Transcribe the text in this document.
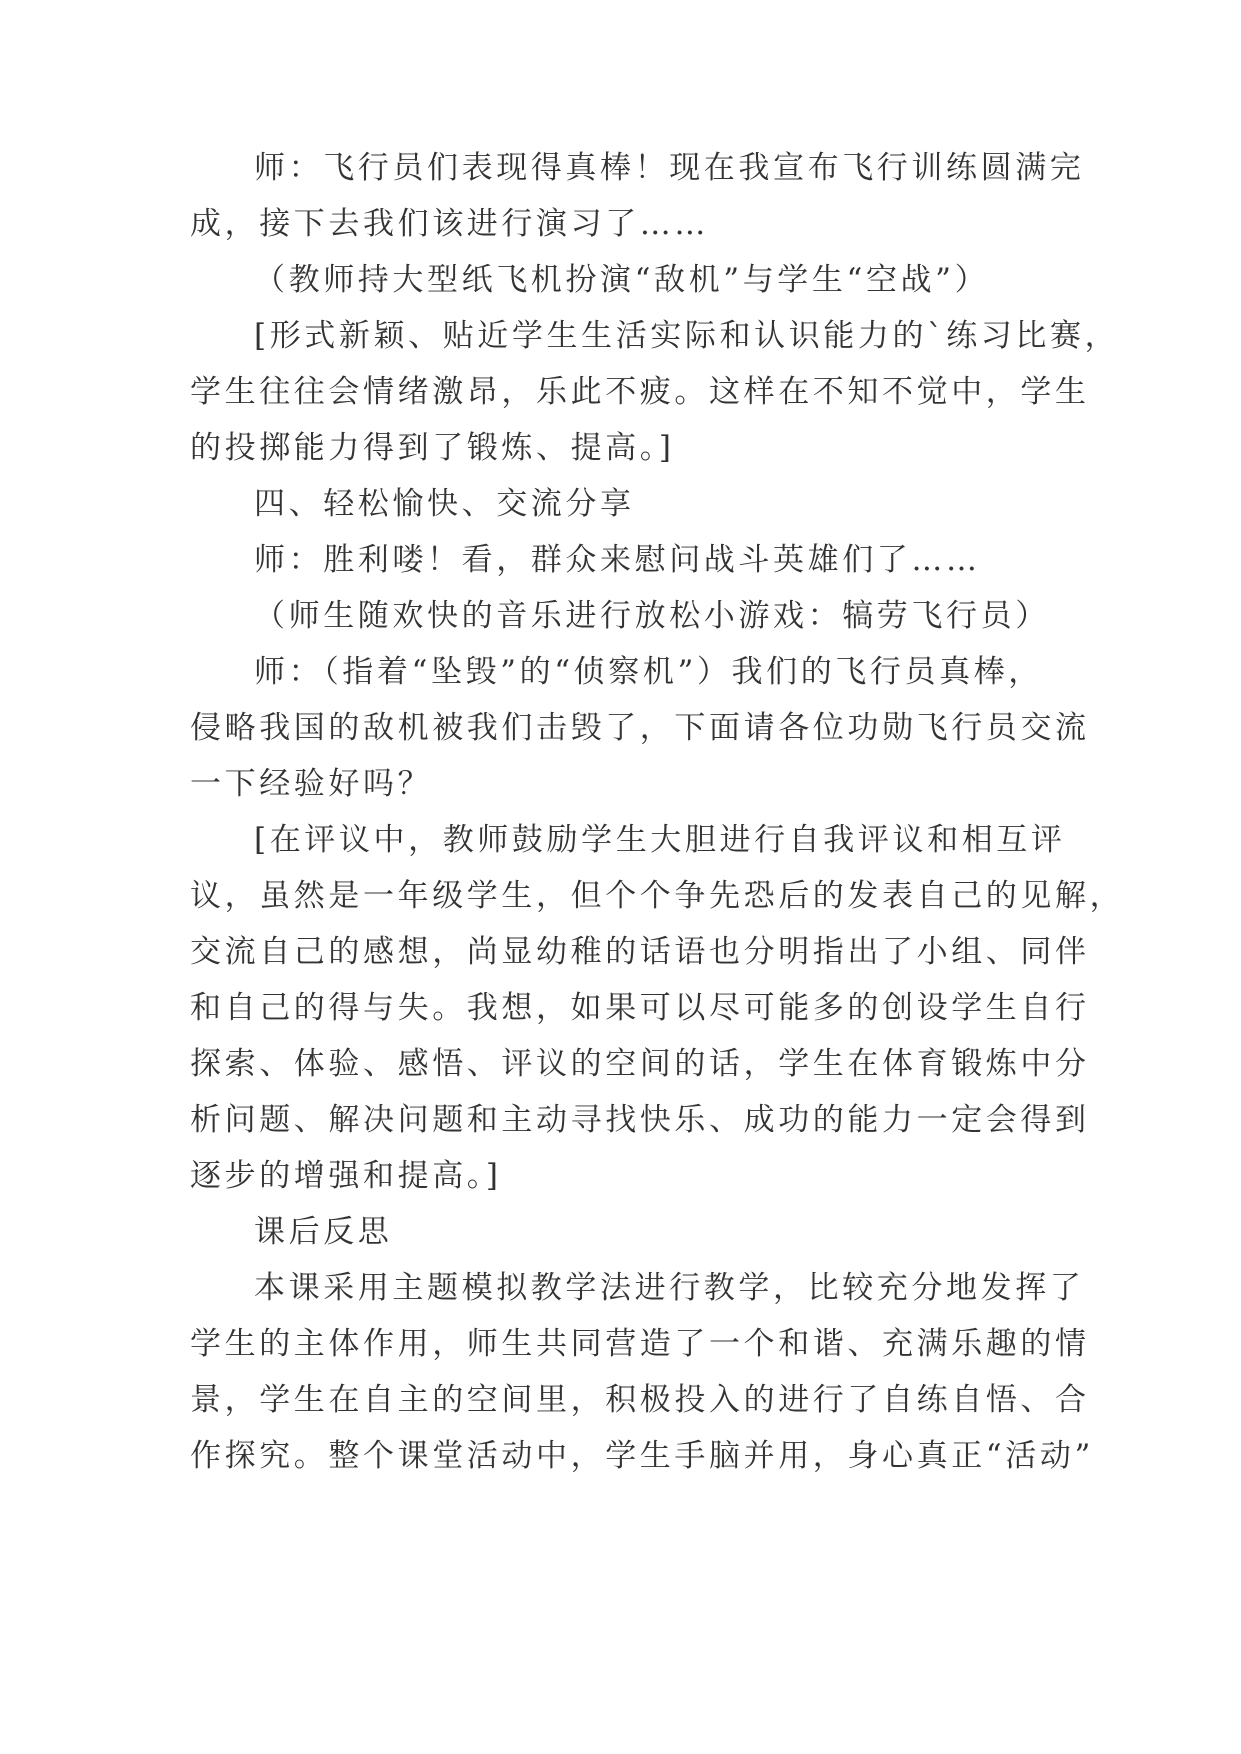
师：飞行员们表现得真棒！现在我宣布飞行训练圆满完

成，接下去我们该进行演习了……

（教师持大型纸飞机扮演“敌机”与学生“空战”）

[形式新颖、贴近学生生活实际和认识能力的`练习比赛，

学生往往会情绪激昂，乐此不疲。这样在不知不觉中，学生

的投掷能力得到了锻炼、提高。]

四、轻松愉快、交流分享

师：胜利喽！看，群众来慰问战斗英雄们了……

（师生随欢快的音乐进行放松小游戏：犒劳飞行员）

师：（指着“坠毁”的“侦察机”）我们的飞行员真棒，

侵略我国的敌机被我们击毁了，下面请各位功勋飞行员交流

一下经验好吗？

[在评议中，教师鼓励学生大胆进行自我评议和相互评

议，虽然是一年级学生，但个个争先恐后的发表自己的见解，

交流自己的感想，尚显幼稚的话语也分明指出了小组、同伴

和自己的得与失。我想，如果可以尽可能多的创设学生自行

探索、体验、感悟、评议的空间的话，学生在体育锻炼中分

析问题、解决问题和主动寻找快乐、成功的能力一定会得到

逐步的增强和提高。]

课后反思

本课采用主题模拟教学法进行教学，比较充分地发挥了

学生的主体作用，师生共同营造了一个和谐、充满乐趣的情

景，学生在自主的空间里，积极投入的进行了自练自悟、合

作探究。整个课堂活动中，学生手脑并用，身心真正“活动”
